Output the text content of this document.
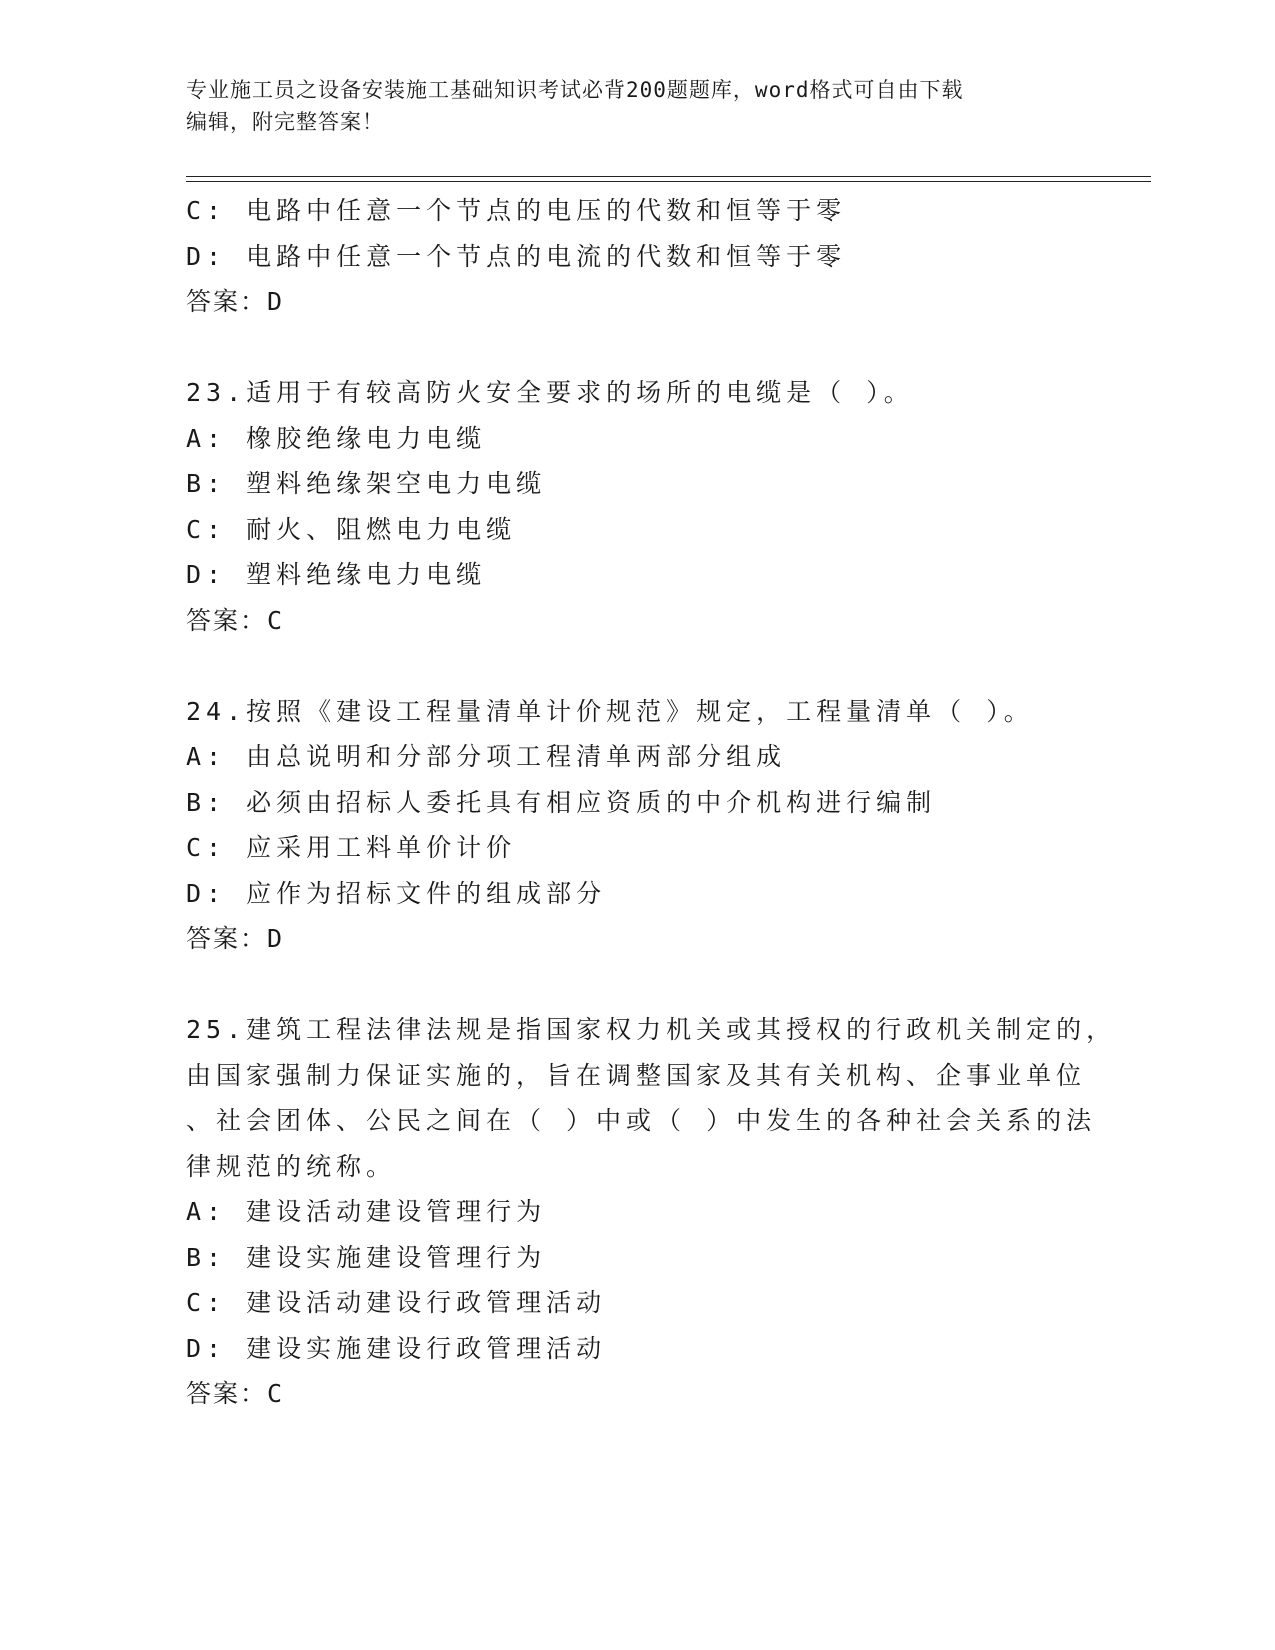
专业施工员之设备安装施工基础知识考试必背200题题库，word格式可自由下载
编辑，附完整答案！
C: 电路中任意一个节点的电压的代数和恒等于零
D: 电路中任意一个节点的电流的代数和恒等于零
答案：D
23.适用于有较高防火安全要求的场所的电缆是（ ）。
A: 橡胶绝缘电力电缆
B: 塑料绝缘架空电力电缆
C: 耐火、阻燃电力电缆
D: 塑料绝缘电力电缆
答案：C
24.按照《建设工程量清单计价规范》规定，工程量清单（ ）。
A: 由总说明和分部分项工程清单两部分组成
B: 必须由招标人委托具有相应资质的中介机构进行编制
C: 应采用工料单价计价
D: 应作为招标文件的组成部分
答案：D
25.建筑工程法律法规是指国家权力机关或其授权的行政机关制定的，
由国家强制力保证实施的，旨在调整国家及其有关机构、企事业单位
、社会团体、公民之间在（ ）中或（ ）中发生的各种社会关系的法
律规范的统称。
A: 建设活动建设管理行为
B: 建设实施建设管理行为
C: 建设活动建设行政管理活动
D: 建设实施建设行政管理活动
答案：C
